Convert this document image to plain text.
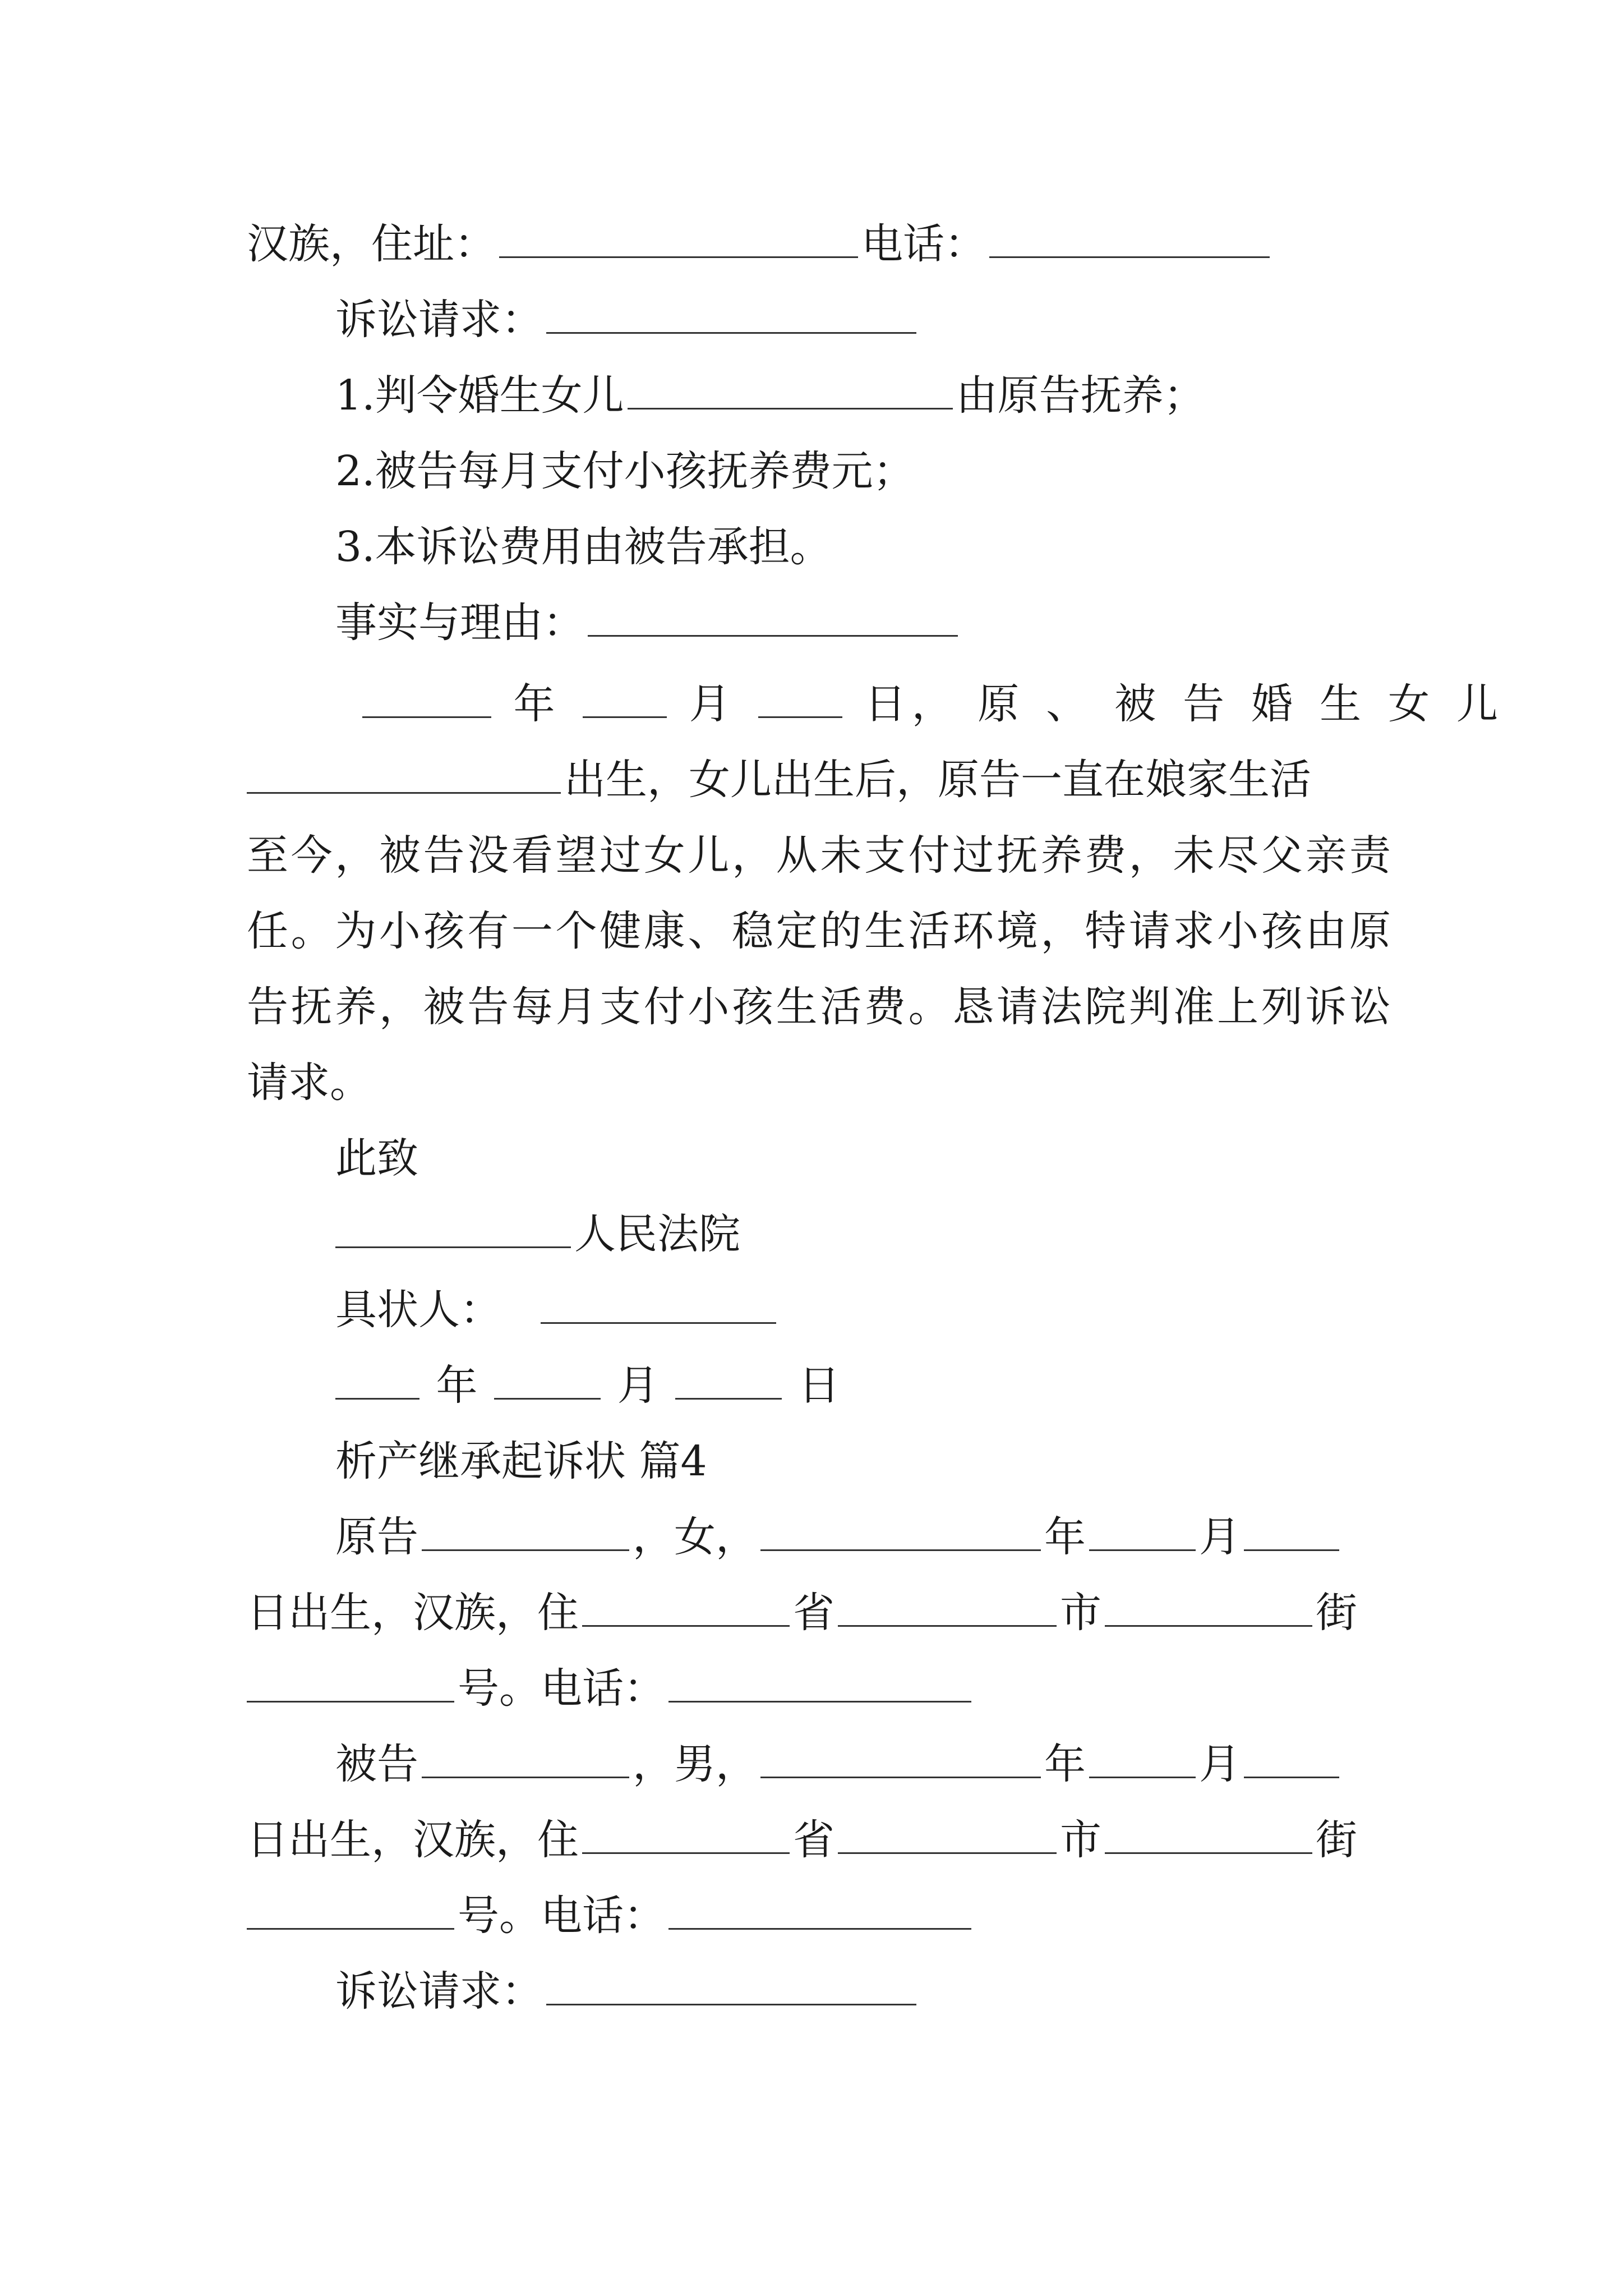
汉族，住址：	电话：
诉讼请求：
1.判令婚生女儿	由原告抚养；
2.被告每月支付小孩抚养费元；
3.本诉讼费用由被告承担。
事实与理由：
年	月	日， 原、被告婚生女儿
出生，女儿出生后，原告一直在娘家生活
至今，被告没看望过女儿，从未支付过抚养费，未尽父亲责
任。为小孩有一个健康、稳定的生活环境，特请求小孩由原
告抚养，被告每月支付小孩生活费。恳请法院判准上列诉讼
请求。
此致
人民法院
具状人：
年	月	日
析产继承起诉状 篇4
原告	，女，	年	月
日出生，汉族，住	省	市	街
号。电话：
被告	，男，	年	月
日出生，汉族，住	省	市	街
号。电话：
诉讼请求：
